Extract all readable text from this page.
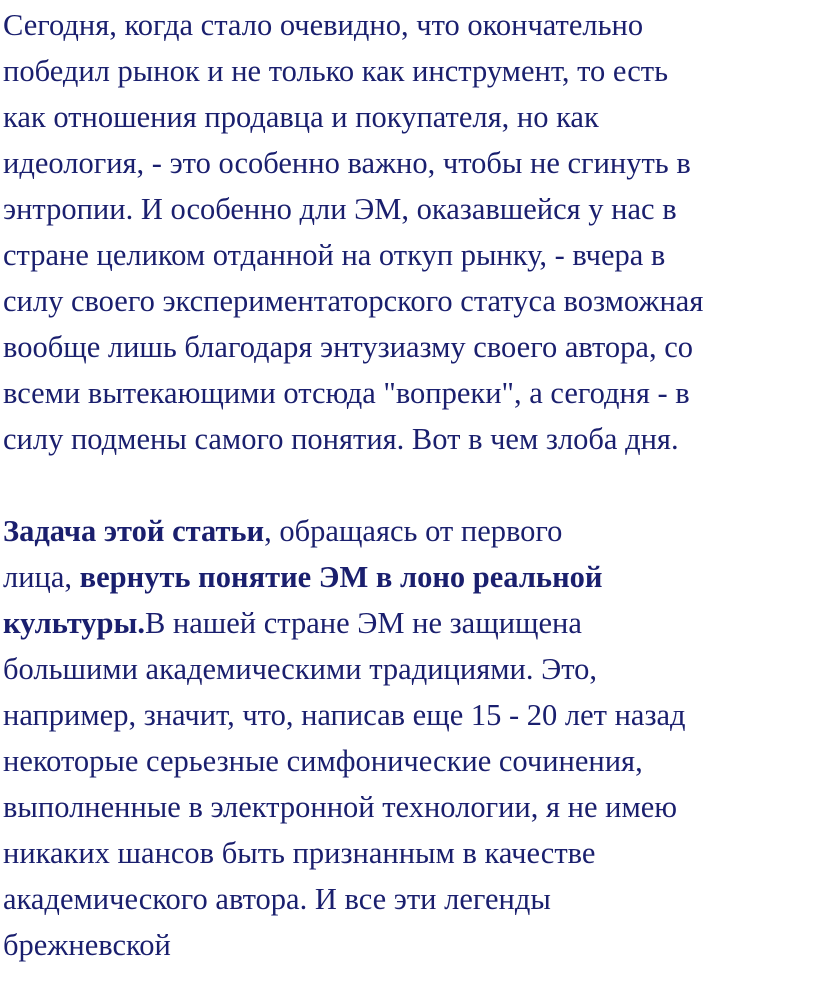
Сегодня, когда стало очевидно, что окончательно
победил рынок и не только как инструмент, то есть
как отношения продавца и покупателя, но как
идеология, - это особенно важно, чтобы не сгинуть в
энтропии. И особенно дли ЭМ, оказавшейся у нас в
стране целиком отданной на откуп рынку, - вчера в
силу своего экспериментаторского статуса возможная
вообще лишь благодаря энтузиазму своего автора, со
всеми вытекающими отсюда "вопреки", а сегодня - в
силу подмены самого понятия. Вот в чем злоба дня.
Задача этой статьи, обращаясь от первого
лица, вернуть понятие ЭМ в лоно реальной
культуры.В нашей стране ЭМ не защищена
большими академическими традициями. Это,
например, значит, что, написав еще 15 - 20 лет назад
некоторые серьезные симфонические сочинения,
выполненные в электронной технологии, я не имею
никаких шансов быть признанным в качестве
академического автора. И все эти легенды
брежневской
